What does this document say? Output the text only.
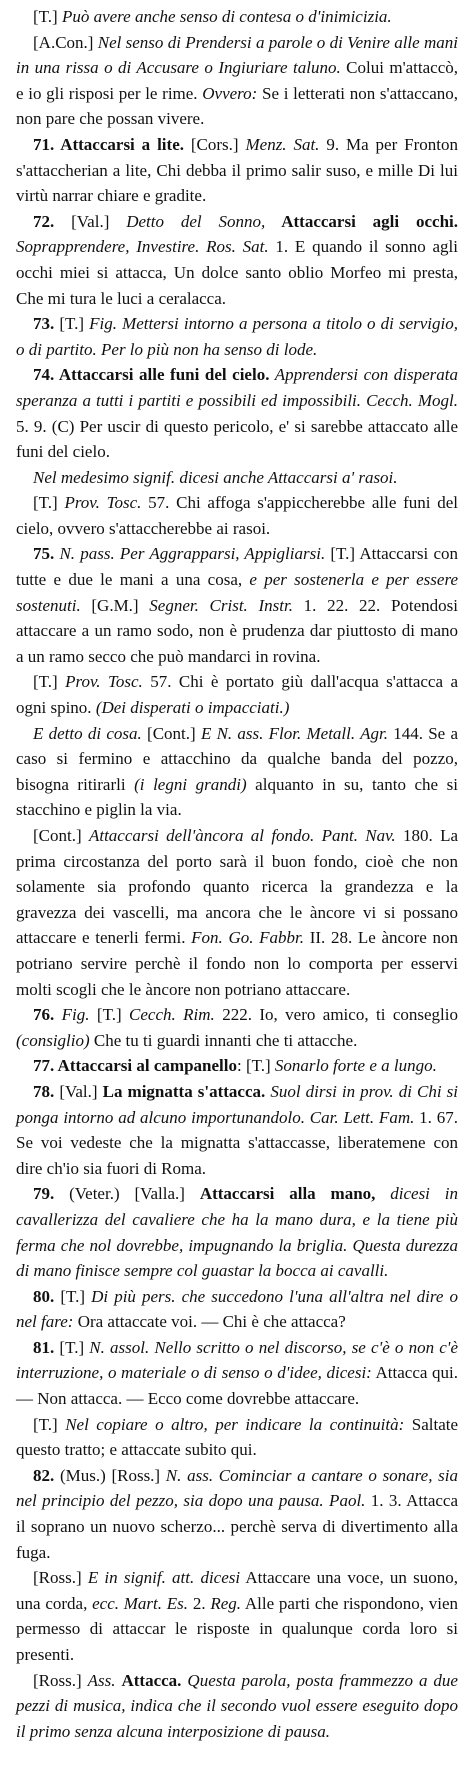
[T.] Può avere anche senso di contesa o d'inimicizia.

[A.Con.] Nel senso di Prendersi a parole o di Venire alle mani in una rissa o di Accusare o Ingiuriare taluno. Colui m'attaccò, e io gli risposi per le rime. Ovvero: Se i letterati non s'attaccano, non pare che possan vivere.

71. Attaccarsi a lite. [Cors.] Menz. Sat. 9. Ma per Fronton s'attaccherian a lite, Chi debba il primo salir suso, e mille Di lui virtù narrar chiare e gradite.

72. [Val.] Detto del Sonno, Attaccarsi agli occhi. Soprapprendere, Investire. Ros. Sat. 1. E quando il sonno agli occhi miei si attacca, Un dolce santo oblio Morfeo mi presta, Che mi tura le luci a ceralacca.

73. [T.] Fig. Mettersi intorno a persona a titolo o di servigio, o di partito. Per lo più non ha senso di lode.

74. Attaccarsi alle funi del cielo. Apprendersi con disperata speranza a tutti i partiti e possibili ed impossibili. Cecch. Mogl. 5. 9. (C) Per uscir di questo pericolo, e' si sarebbe attaccato alle funi del cielo.

Nel medesimo signif. dicesi anche Attaccarsi a' rasoi.

[T.] Prov. Tosc. 57. Chi affoga s'appiccherebbe alle funi del cielo, ovvero s'attaccherebbe ai rasoi.

75. N. pass. Per Aggrapparsi, Appigliarsi. [T.] Attaccarsi con tutte e due le mani a una cosa, e per sostenerla e per essere sostenuti. [G.M.] Segner. Crist. Instr. 1. 22. 22. Potendosi attaccare a un ramo sodo, non è prudenza dar piuttosto di mano a un ramo secco che può mandarci in rovina.

[T.] Prov. Tosc. 57. Chi è portato giù dall'acqua s'attacca a ogni spino. (Dei disperati o impacciati.)

E detto di cosa. [Cont.] E N. ass. Flor. Metall. Agr. 144. Se a caso si fermino e attacchino da qualche banda del pozzo, bisogna ritirarli (i legni grandi) alquanto in su, tanto che si stacchino e piglin la via.

[Cont.] Attaccarsi dell'àncora al fondo. Pant. Nav. 180. La prima circostanza del porto sarà il buon fondo, cioè che non solamente sia profondo quanto ricerca la grandezza e la gravezza dei vascelli, ma ancora che le àncore vi si possano attaccare e tenerli fermi. Fon. Go. Fabbr. II. 28. Le àncore non potriano servire perchè il fondo non lo comporta per esservi molti scogli che le àncore non potriano attaccare.

76. Fig. [T.] Cecch. Rim. 222. Io, vero amico, ti conseglio (consiglio) Che tu ti guardi innanti che ti attacche.

77. Attaccarsi al campanello: [T.] Sonarlo forte e a lungo.

78. [Val.] La mignatta s'attacca. Suol dirsi in prov. di Chi si ponga intorno ad alcuno importunandolo. Car. Lett. Fam. 1. 67. Se voi vedeste che la mignatta s'attaccasse, liberatemene con dire ch'io sia fuori di Roma.

79. (Veter.) [Valla.] Attaccarsi alla mano, dicesi in cavallerizza del cavaliere che ha la mano dura, e la tiene più ferma che nol dovrebbe, impugnando la briglia. Questa durezza di mano finisce sempre col guastar la bocca ai cavalli.

80. [T.] Di più pers. che succedono l'una all'altra nel dire o nel fare: Ora attaccate voi. — Chi è che attacca?

81. [T.] N. assol. Nello scritto o nel discorso, se c'è o non c'è interruzione, o materiale o di senso o d'idee, dicesi: Attacca qui. — Non attacca. — Ecco come dovrebbe attaccare.

[T.] Nel copiare o altro, per indicare la continuità: Saltate questo tratto; e attaccate subito qui.

82. (Mus.) [Ross.] N. ass. Cominciar a cantare o sonare, sia nel principio del pezzo, sia dopo una pausa. Paol. 1. 3. Attacca il soprano un nuovo scherzo... perchè serva di divertimento alla fuga.

[Ross.] E in signif. att. dicesi Attaccare una voce, un suono, una corda, ecc. Mart. Es. 2. Reg. Alle parti che rispondono, vien permesso di attaccar le risposte in qualunque corda loro si presenti.

[Ross.] Ass. Attacca. Questa parola, posta frammezzo a due pezzi di musica, indica che il secondo vuol essere eseguito dopo il primo senza alcuna interposizione di pausa.
